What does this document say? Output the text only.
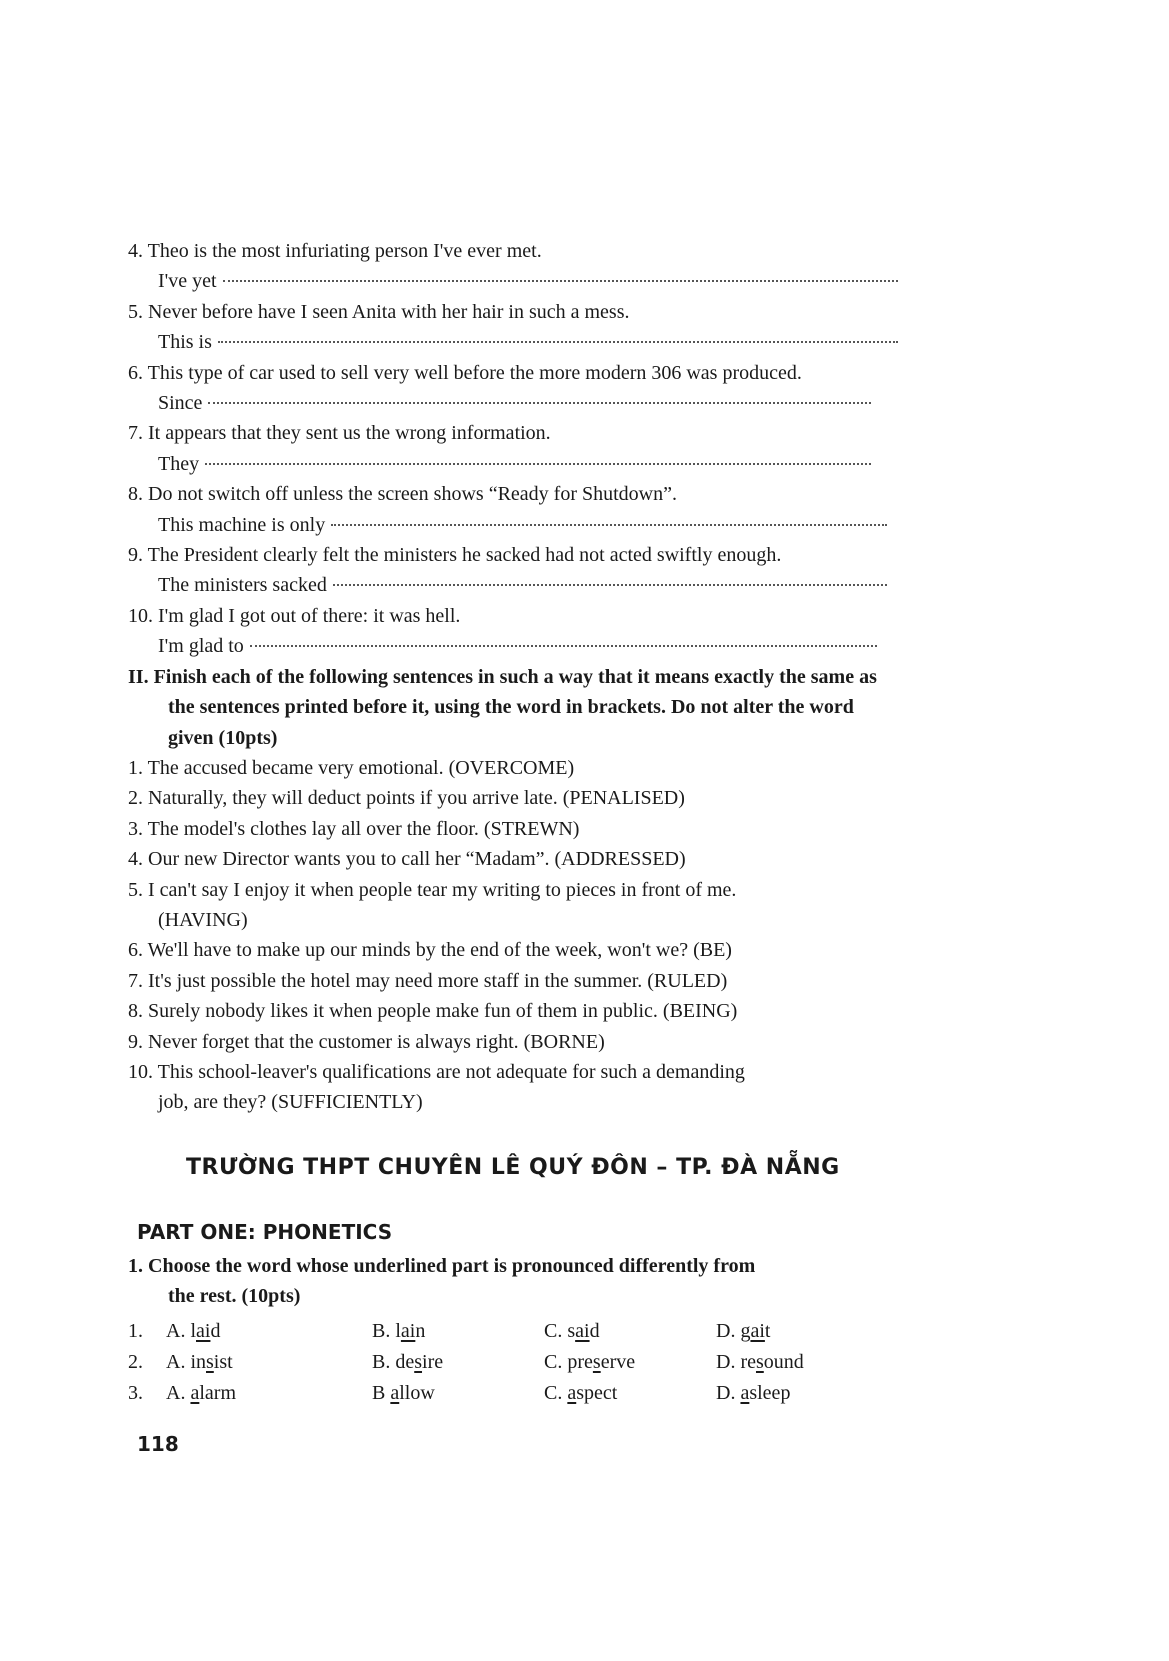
4. Theo is the most infuriating person I've ever met.
I've yet
5. Never before have I seen Anita with her hair in such a mess.
This is
6. This type of car used to sell very well before the more modern 306 was produced.
Since
7. It appears that they sent us the wrong information.
They
8. Do not switch off unless the screen shows “Ready for Shutdown”.
This machine is only
9. The President clearly felt the ministers he sacked had not acted swiftly enough.
The ministers sacked
10. I'm glad I got out of there: it was hell.
I'm glad to
II. Finish each of the following sentences in such a way that it means exactly the same as the sentences printed before it, using the word in brackets. Do not alter the word given (10pts)
1. The accused became very emotional. (OVERCOME)
2. Naturally, they will deduct points if you arrive late. (PENALISED)
3. The model's clothes lay all over the floor. (STREWN)
4. Our new Director wants you to call her “Madam”. (ADDRESSED)
5. I can't say I enjoy it when people tear my writing to pieces in front of me.
(HAVING)
6. We'll have to make up our minds by the end of the week, won't we? (BE)
7. It's just possible the hotel may need more staff in the summer. (RULED)
8. Surely nobody likes it when people make fun of them in public. (BEING)
9. Never forget that the customer is always right. (BORNE)
10. This school-leaver's qualifications are not adequate for such a demanding
job, are they? (SUFFICIENTLY)
TRƯỜNG THPT CHUYÊN LÊ QUÝ ĐÔN – TP. ĐÀ NẴNG
PART ONE: PHONETICS
1. Choose the word whose underlined part is pronounced differently from
the rest. (10pts)
1.	A. laid	B. lain	C. said	D. gait
2.	A. insist	B. desire	C. preserve	D. resound
3.	A. alarm	B allow	C. aspect	D. asleep
118
